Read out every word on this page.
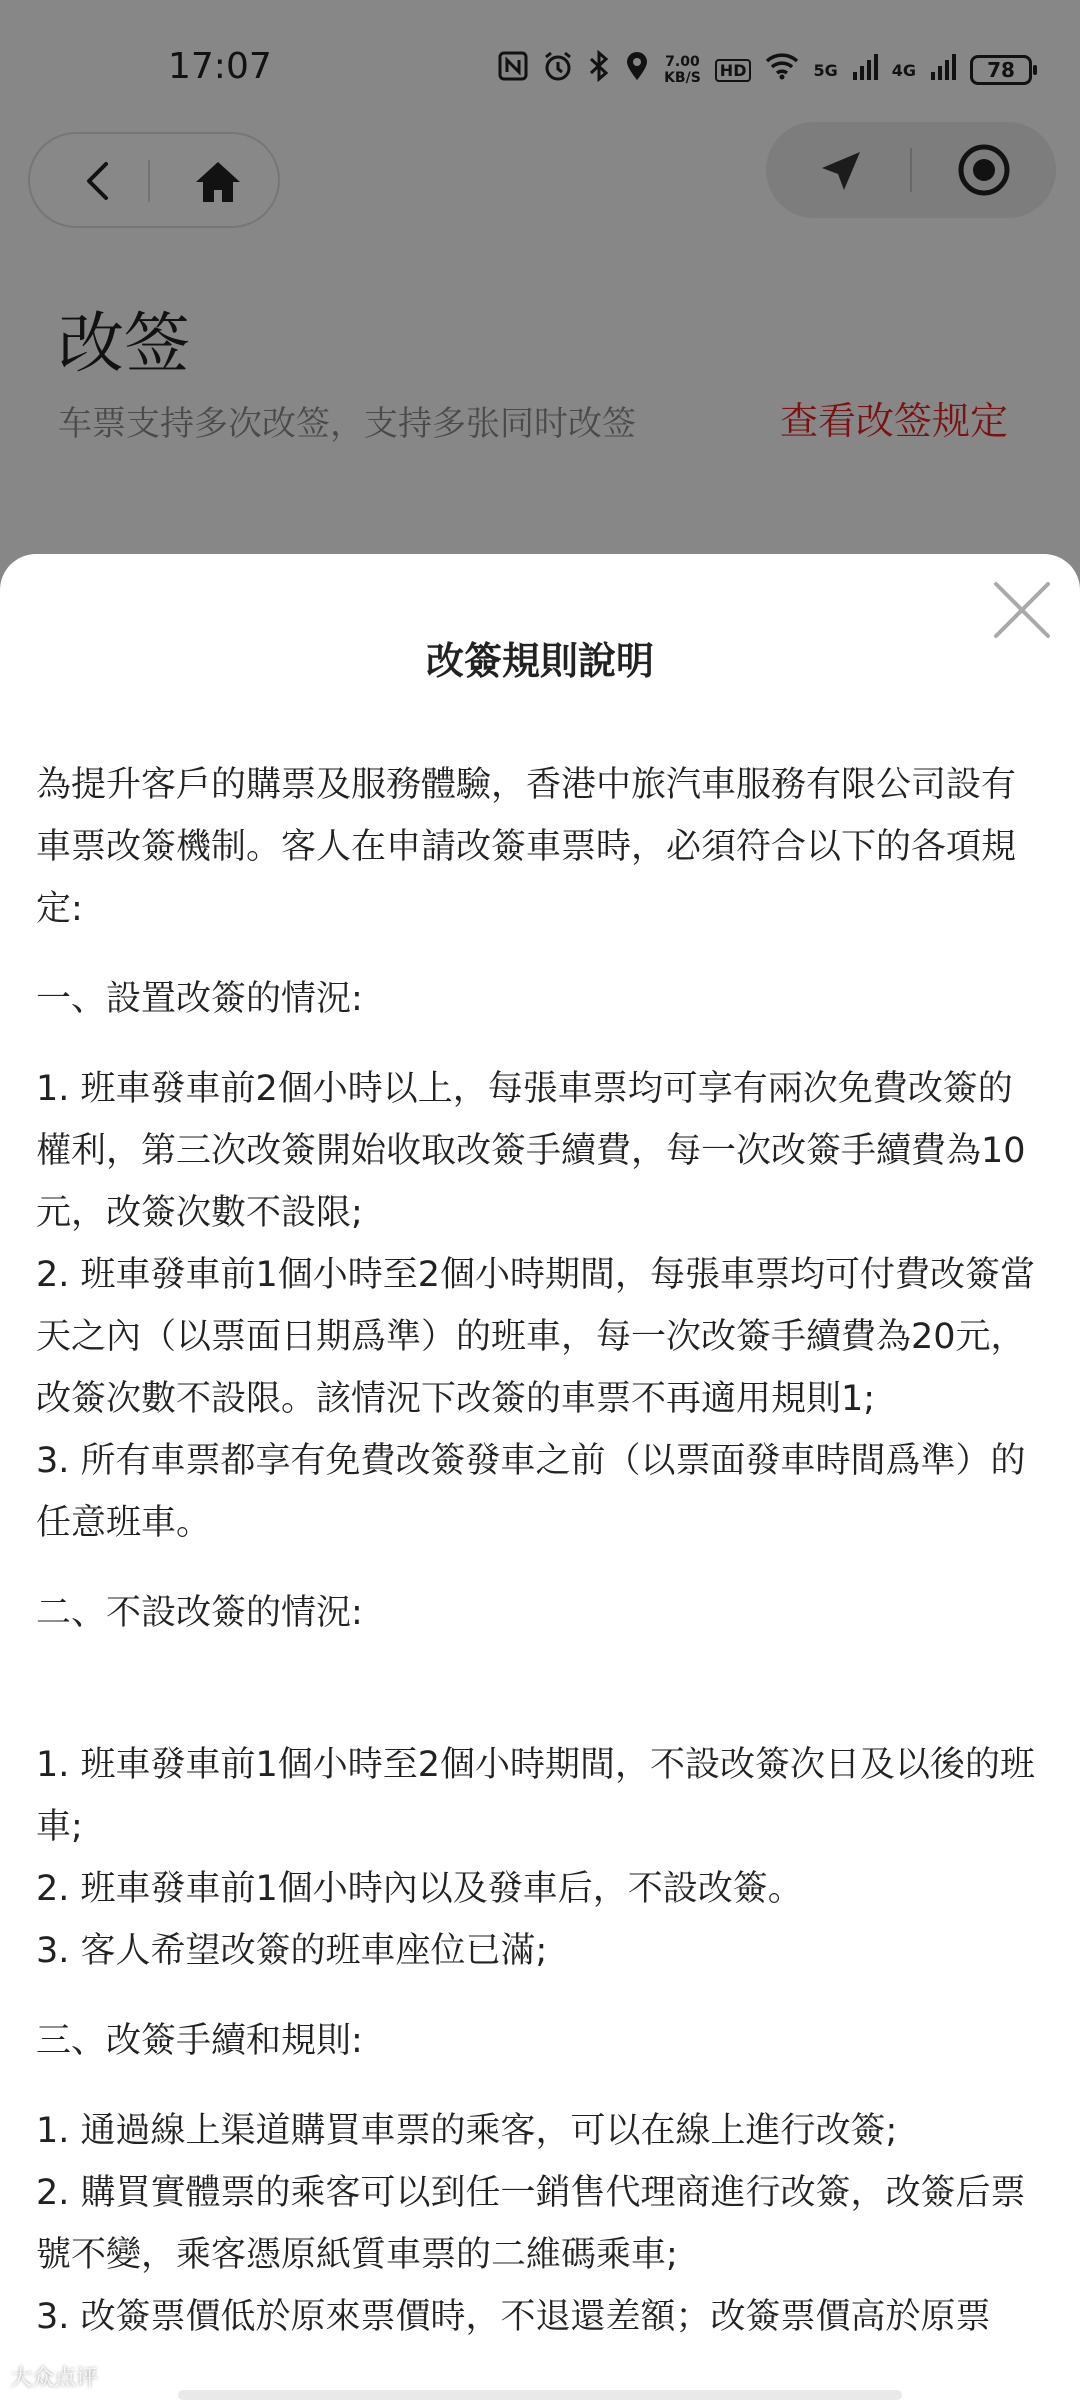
17:07	7.00
KB/S	HD	5G	4G	78
改签
车票支持多次改签，支持多张同时改签	查看改签规定
改簽規則說明

為提升客戶的購票及服務體驗，香港中旅汽車服務有限公司設有車票改簽機制。客人在申請改簽車票時，必須符合以下的各項規定:

一、設置改簽的情況:

1. 班車發車前2個小時以上，每張車票均可享有兩次免費改簽的權利，第三次改簽開始收取改簽手續費，每一次改簽手續費為10元，改簽次數不設限;

2. 班車發車前1個小時至2個小時期間，每張車票均可付費改簽當天之內（以票面日期爲準）的班車，每一次改簽手續費為20元，改簽次數不設限。該情況下改簽的車票不再適用規則1;

3. 所有車票都享有免費改簽發車之前（以票面發車時間爲準）的任意班車。

二、不設改簽的情況:

1. 班車發車前1個小時至2個小時期間，不設改簽次日及以後的班車;

2. 班車發車前1個小時內以及發車后，不設改簽。

3. 客人希望改簽的班車座位已滿;

三、改簽手續和規則:

1. 通過線上渠道購買車票的乘客，可以在線上進行改簽;

2. 購買實體票的乘客可以到任一銷售代理商進行改簽，改簽后票號不變，乘客憑原紙質車票的二維碼乘車;

3. 改簽票價低於原來票價時，不退還差額；改簽票價高於原票

大众点评
